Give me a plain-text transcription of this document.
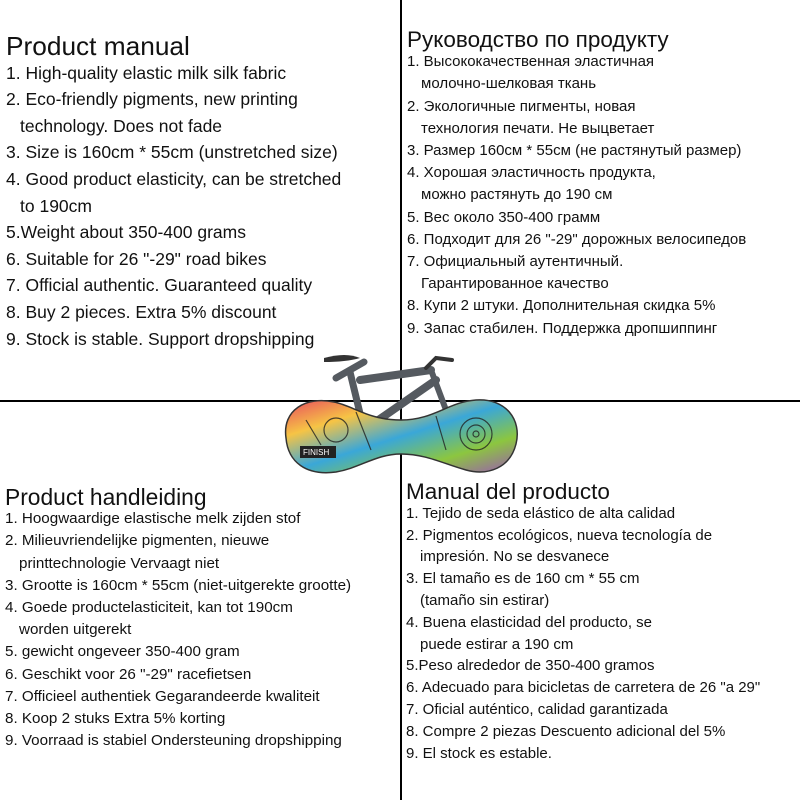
Product manual
1. High-quality elastic milk silk fabric
2. Eco-friendly pigments, new printing
technology. Does not fade
3. Size is 160cm * 55cm (unstretched size)
4. Good product elasticity, can be stretched
to 190cm
5.Weight about 350-400 grams
6. Suitable for 26 "-29" road bikes
7. Official authentic. Guaranteed quality
8. Buy 2 pieces. Extra 5% discount
9. Stock is stable. Support dropshipping
Руководство по продукту
1. Высококачественная эластичная
молочно-шелковая ткань
2. Экологичные пигменты, новая
технология печати. Не выцветает
3. Размер 160см * 55см (не растянутый размер)
4. Хорошая эластичность продукта,
можно растянуть до 190 см
5. Вес около 350-400 грамм
6. Подходит для 26 "-29" дорожных велосипедов
7. Официальный аутентичный.
Гарантированное качество
8. Купи 2 штуки. Дополнительная скидка 5%
9. Запас стабилен. Поддержка дропшиппинг
Product handleiding
1. Hoogwaardige elastische melk zijden stof
2. Milieuvriendelijke pigmenten, nieuwe
printtechnologie Vervaagt niet
3. Grootte is 160cm * 55cm (niet-uitgerekte grootte)
4. Goede productelasticiteit, kan tot 190cm
worden uitgerekt
5. gewicht ongeveer 350-400 gram
6. Geschikt voor 26 "-29" racefietsen
7. Officieel authentiek Gegarandeerde kwaliteit
8. Koop 2 stuks Extra 5% korting
9. Voorraad is stabiel Ondersteuning dropshipping
Manual del producto
1. Tejido de seda elástico de alta calidad
2. Pigmentos ecológicos, nueva tecnología de
impresión. No se desvanece
3. El tamaño es de 160 cm * 55 cm
(tamaño sin estirar)
4. Buena elasticidad del producto, se
puede estirar a 190 cm
5.Peso alrededor de 350-400 gramos
6. Adecuado para bicicletas de carretera de 26 "a 29"
7. Oficial auténtico, calidad garantizada
8. Compre 2 piezas Descuento adicional del 5%
9. El stock es estable.
FINISH
